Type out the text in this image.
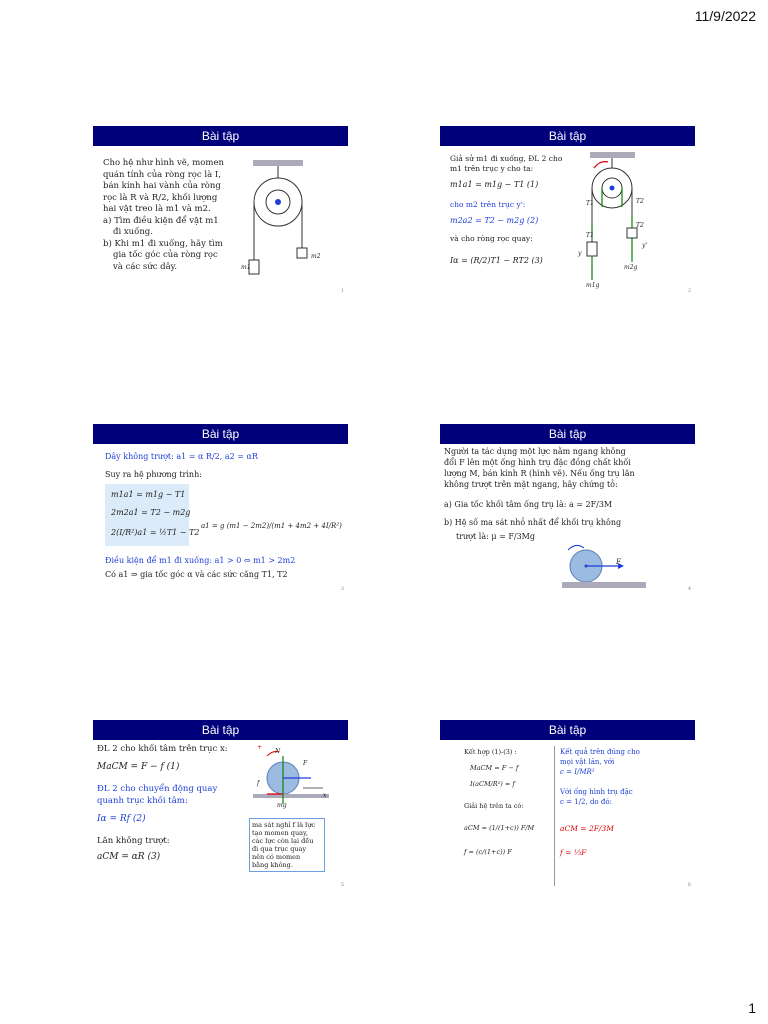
11/9/2022
Bài tập
Cho hệ như hình vẽ, momen
quán tính của ròng rọc là I,
bán kính hai vành của ròng
rọc là R và R/2, khối lượng
hai vật treo là m1 và m2.
a) Tìm điều kiện để vật m1
đi xuống.
b) Khi m1 đi xuống, hãy tìm
gia tốc góc của ròng rọc
và các sức dây.	m1
m2
1
Bài tập
Giả sử m1 đi xuống, ĐL 2 cho
m1 trên trục y cho ta:
m1a1 = m1g − T1 (1)
cho m2 trên trục y':
m2a2 = T2 − m2g (2)
và cho ròng rọc quay:
Iα = (R/2)T1 − RT2 (3)
T1	T2
T1
T2
y
y'
m2g
m1g
2
Bài tập
Dây không trượt: a1 = α R/2, a2 = αR
Suy ra hệ phương trình:
m1a1 = m1g − T1
2m2a1 = T2 − m2g
2(I/R²)a1 = ½T1 − T2
a1 = g (m1 − 2m2)/(m1 + 4m2 + 4I/R²)
Điều kiện để m1 đi xuống: a1 > 0 ⇔ m1 > 2m2
Có a1 ⇒ gia tốc góc α và các sức căng T1, T2
3
Bài tập
Người ta tác dụng một lực nằm ngang không
đổi F lên một ống hình trụ đặc đồng chất khối
lượng M, bán kính R (hình vẽ). Nếu ống trụ lăn
không trượt trên mặt ngang, hãy chứng tỏ:
a) Gia tốc khối tâm ống trụ là: a = 2F/3M
b) Hệ số ma sát nhỏ nhất để khối trụ không
trượt là: μ = F/3Mg
F
4
Bài tập
ĐL 2 cho khối tâm trên trục x:
MaCM = F − f (1)
ĐL 2 cho chuyển động quay
quanh trục khối tâm:
Iα = Rf (2)
Lăn không trượt:
aCM = αR (3)
+
N
F
f
x
mg
ma sát nghỉ f là lực
tạo momen quay,
các lực còn lại đều
đi qua trục quay
nên có momen
bằng không.
5
Bài tập
Kết hợp (1)-(3) :
MaCM = F − f
I(aCM/R²) = f
Giải hệ trên ta có:
aCM = (1/(1+c)) F/M
f = (c/(1+c)) F
Kết quả trên đúng cho
mọi vật lăn, với
c = I/MR²
Với ống hình trụ đặc
c = 1/2, do đó:
aCM = 2F/3M
f = ⅓F
6
1
